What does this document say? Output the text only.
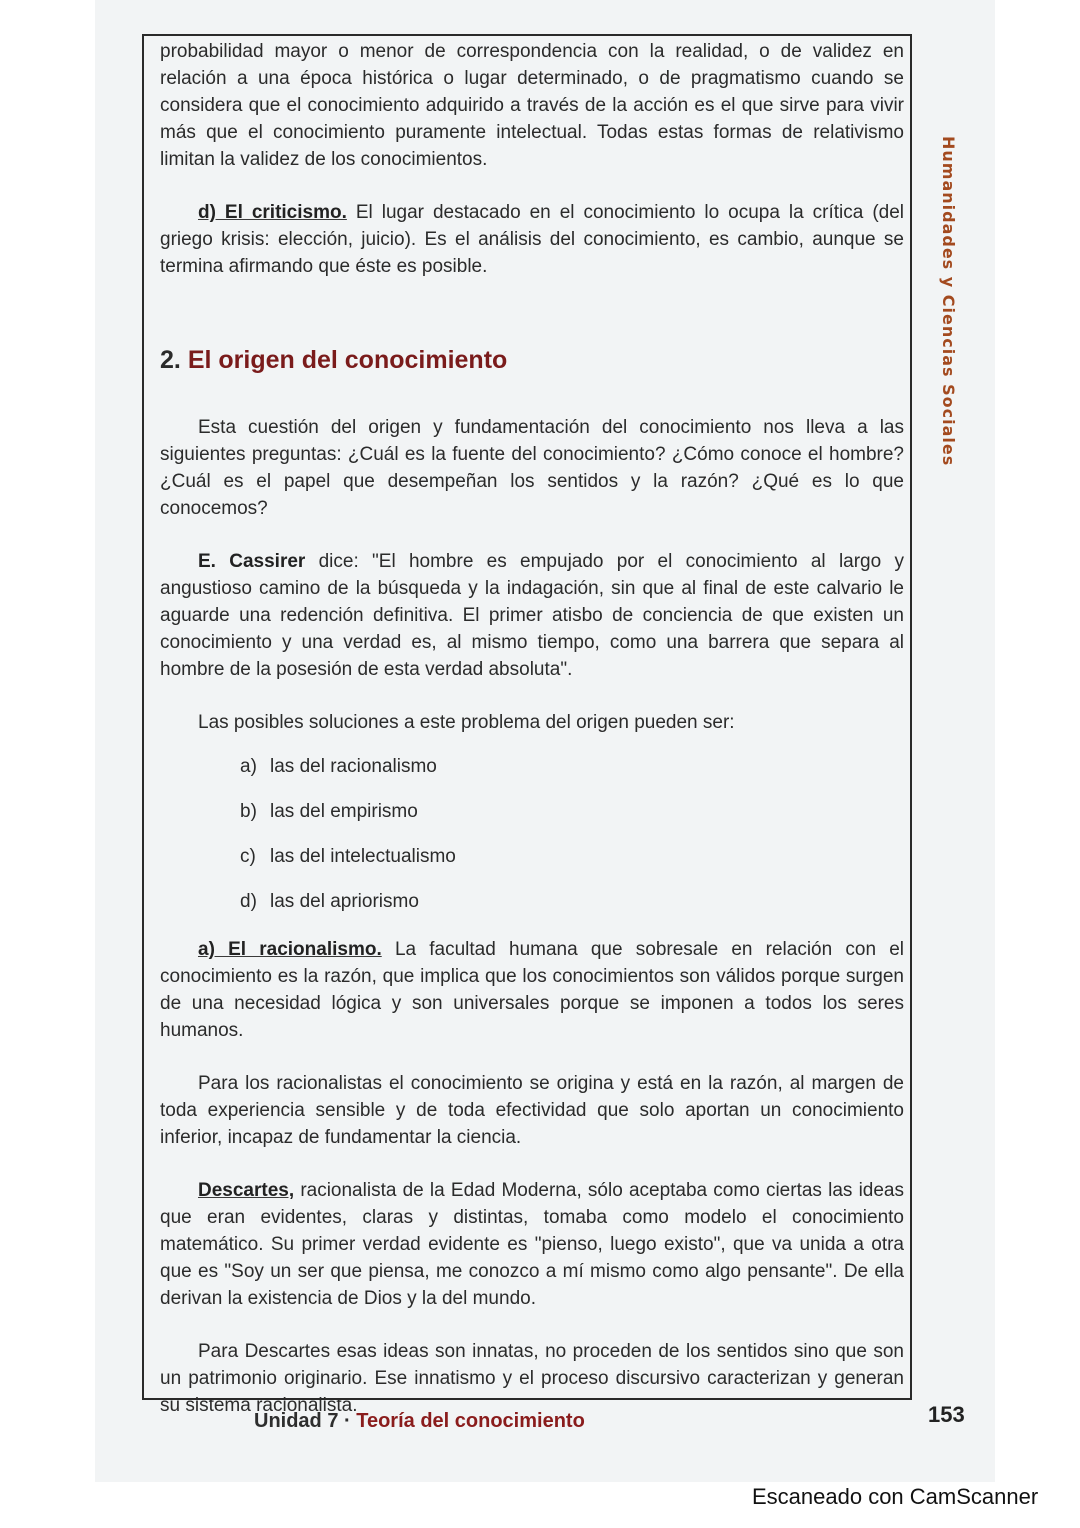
Humanidades y Ciencias Sociales

probabilidad mayor o menor de correspondencia con la realidad, o de validez en relación a una época histórica o lugar determinado, o de pragmatismo cuando se considera que el conocimiento adquirido a través de la acción es el que sirve para vivir más que el conocimiento puramente intelectual. Todas estas formas de relativismo limitan la validez de los conocimientos.

d) El criticismo. El lugar destacado en el conocimiento lo ocupa la crítica (del griego krisis: elección, juicio). Es el análisis del conocimiento, es cambio, aunque se termina afirmando que éste es posible.

2. El origen del conocimiento

Esta cuestión del origen y fundamentación del conocimiento nos lleva a las siguientes preguntas: ¿Cuál es la fuente del conocimiento? ¿Cómo conoce el hombre? ¿Cuál es el papel que desempeñan los sentidos y la razón? ¿Qué es lo que conocemos?

E. Cassirer dice: "El hombre es empujado por el conocimiento al largo y angustioso camino de la búsqueda y la indagación, sin que al final de este calvario le aguarde una redención definitiva. El primer atisbo de conciencia de que existen un conocimiento y una verdad es, al mismo tiempo, como una barrera que separa al hombre de la posesión de esta verdad absoluta".

Las posibles soluciones a este problema del origen pueden ser:

a) las del racionalismo
b) las del empirismo
c) las del intelectualismo
d) las del apriorismo

a) El racionalismo. La facultad humana que sobresale en relación con el conocimiento es la razón, que implica que los conocimientos son válidos porque surgen de una necesidad lógica y son universales porque se imponen a todos los seres humanos.

Para los racionalistas el conocimiento se origina y está en la razón, al margen de toda experiencia sensible y de toda efectividad que solo aportan un conocimiento inferior, incapaz de fundamentar la ciencia.

Descartes, racionalista de la Edad Moderna, sólo aceptaba como ciertas las ideas que eran evidentes, claras y distintas, tomaba como modelo el conocimiento matemático. Su primer verdad evidente es "pienso, luego existo", que va unida a otra que es "Soy un ser que piensa, me conozco a mí mismo como algo pensante". De ella derivan la existencia de Dios y la del mundo.

Para Descartes esas ideas son innatas, no proceden de los sentidos sino que son un patrimonio originario. Ese innatismo y el proceso discursivo caracterizan y generan su sistema racionalista.

Unidad 7 · Teoría del conocimiento	153
Escaneado con CamScanner
